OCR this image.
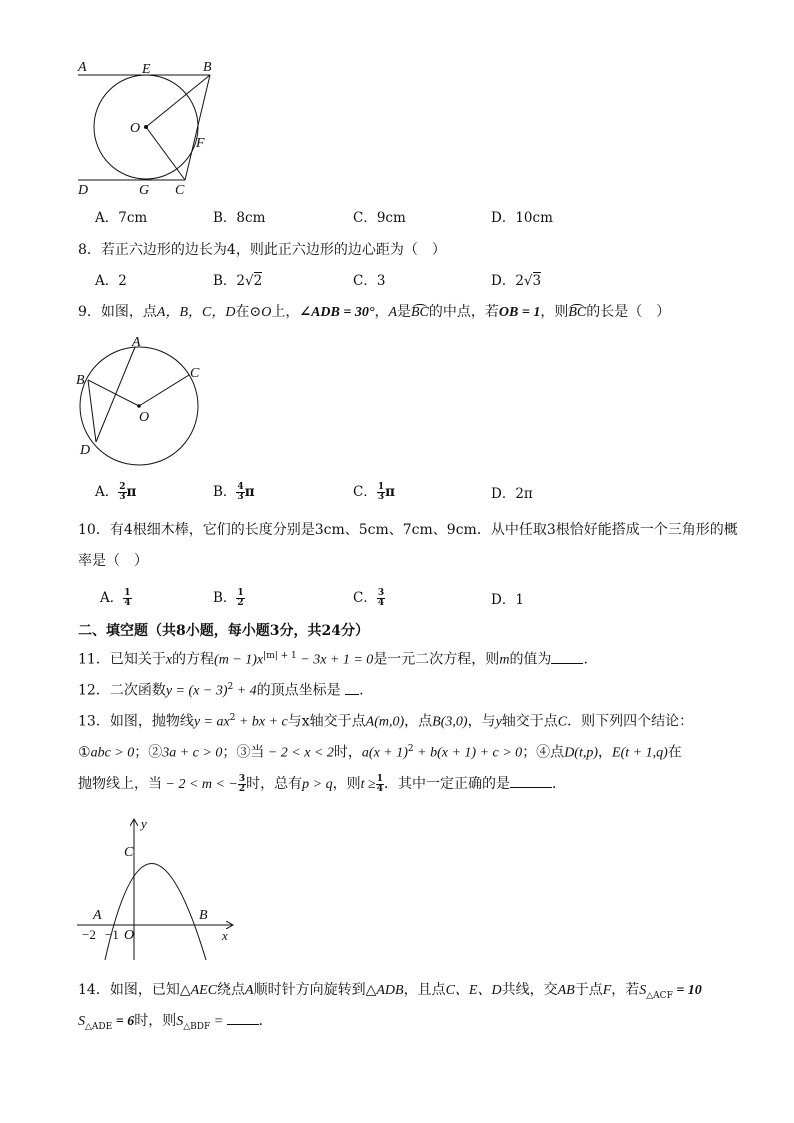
A	E	B
O
F
D	G C
A．7cm	B．8cm	C．9cm	D．10cm
8．若正六边形的边长为4，则此正六边形的边心距为（　）
A．2	B．2√2	C．3	D．2√3
9．如图，点A，B，C，D在⊙O上，∠ADB = 30°，A是BC的中点，若OB = 1，则BC的长是（　）
A
B	C
O
D
A． $\frac{2}{3}$ π	B． $\frac{4}{3}$ π	C． $\frac{1}{3}$ π	D．2π
10．有4根细木棒，它们的长度分别是3cm、5cm、7cm、9cm．从中任取3根恰好能搭成一个三角形的概
率是（　）
A． $\frac{1}{4}$	B． $\frac{1}{2}$	C． $\frac{3}{4}$	D．1
二、填空题（共8小题，每小题3分，共24分）
11．已知关于x的方程$(m - 1)x^{|m| + 1} - 3x + 1 = 0$是一元二次方程，则m的值为 .
12．二次函数$y = (x - 3)^2 + 4$的顶点坐标是 .
13．如图，抛物线$y = ax^2$ + bx + c与x轴交于点A(m,0)，点B(3,0)，与y轴交于点C．则下列四个结论：
①abc > 0；②3a + c > 0；③当 − 2 < x < 2时，$a(x + 1)^2 + b(x + 1) + c > 0$；④点D(t,p)，E(t + 1,q)在
抛物线上，当 − 2 < m < − $\frac{3}{2}$ 时，总有p > q，则$t \ge \frac{1}{4}$ ．其中一定正确的是	．
y
C
A	B
−2 −1 O	x
14．如图，已知△AEC绕点A顺时针方向旋转到△ADB，且点C、E、D共线，交AB于点F，若$S_{\triangle ACF} = 10$
$S_{\triangle ADE} = 6$时，则$S_{\triangle BDF}$ = ．
